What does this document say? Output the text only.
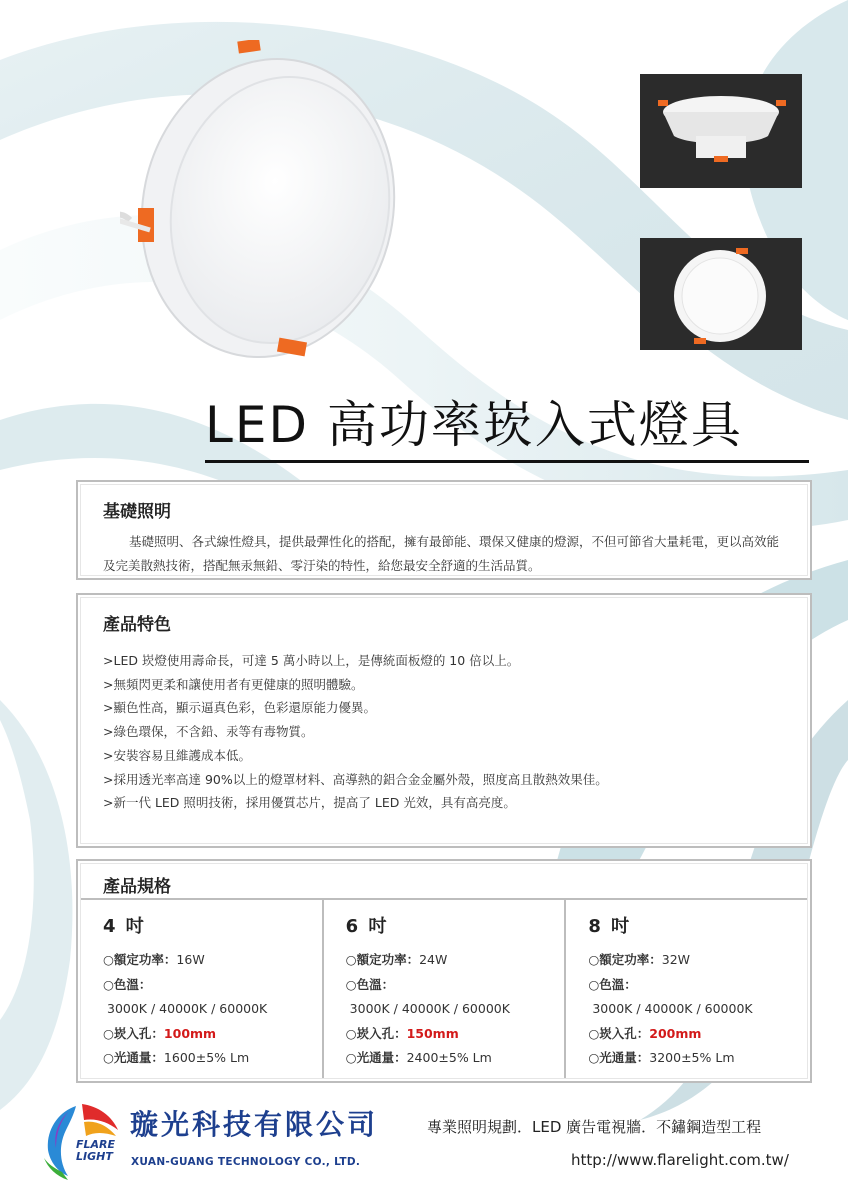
LED 高功率崁入式燈具
基礎照明
基礎照明、各式線性燈具，提供最彈性化的搭配，擁有最節能、環保又健康的燈源，不但可節省大量耗電，更以高效能及完美散熱技術，搭配無汞無鉛、零汙染的特性，給您最安全舒適的生活品質。
產品特色
>LED 崁燈使用壽命長，可達 5 萬小時以上，是傳統面板燈的 10 倍以上。
>無頻閃更柔和讓使用者有更健康的照明體驗。
>顯色性高，顯示逼真色彩，色彩還原能力優異。
>綠色環保，不含鉛、汞等有毒物質。
>安裝容易且維護成本低。
>採用透光率高達 90%以上的燈罩材料、高導熱的鋁合金金屬外殼，照度高且散熱效果佳。
>新一代 LED 照明技術，採用優質芯片，提高了 LED 光效，具有高亮度。
產品規格
4 吋
○額定功率：16W
○色溫：
3000K / 40000K / 60000K
○崁入孔：100mm
○光通量：1600±5% Lm
6 吋
○額定功率：24W
○色溫：
3000K / 40000K / 60000K
○崁入孔：150mm
○光通量：2400±5% Lm
8 吋
○額定功率：32W
○色溫：
3000K / 40000K / 60000K
○崁入孔：200mm
○光通量：3200±5% Lm
FLARE
LIGHT
璇光科技有限公司
XUAN-GUANG TECHNOLOGY CO., LTD.
專業照明規劃．LED 廣告電視牆．不鏽鋼造型工程
http://www.flarelight.com.tw/
